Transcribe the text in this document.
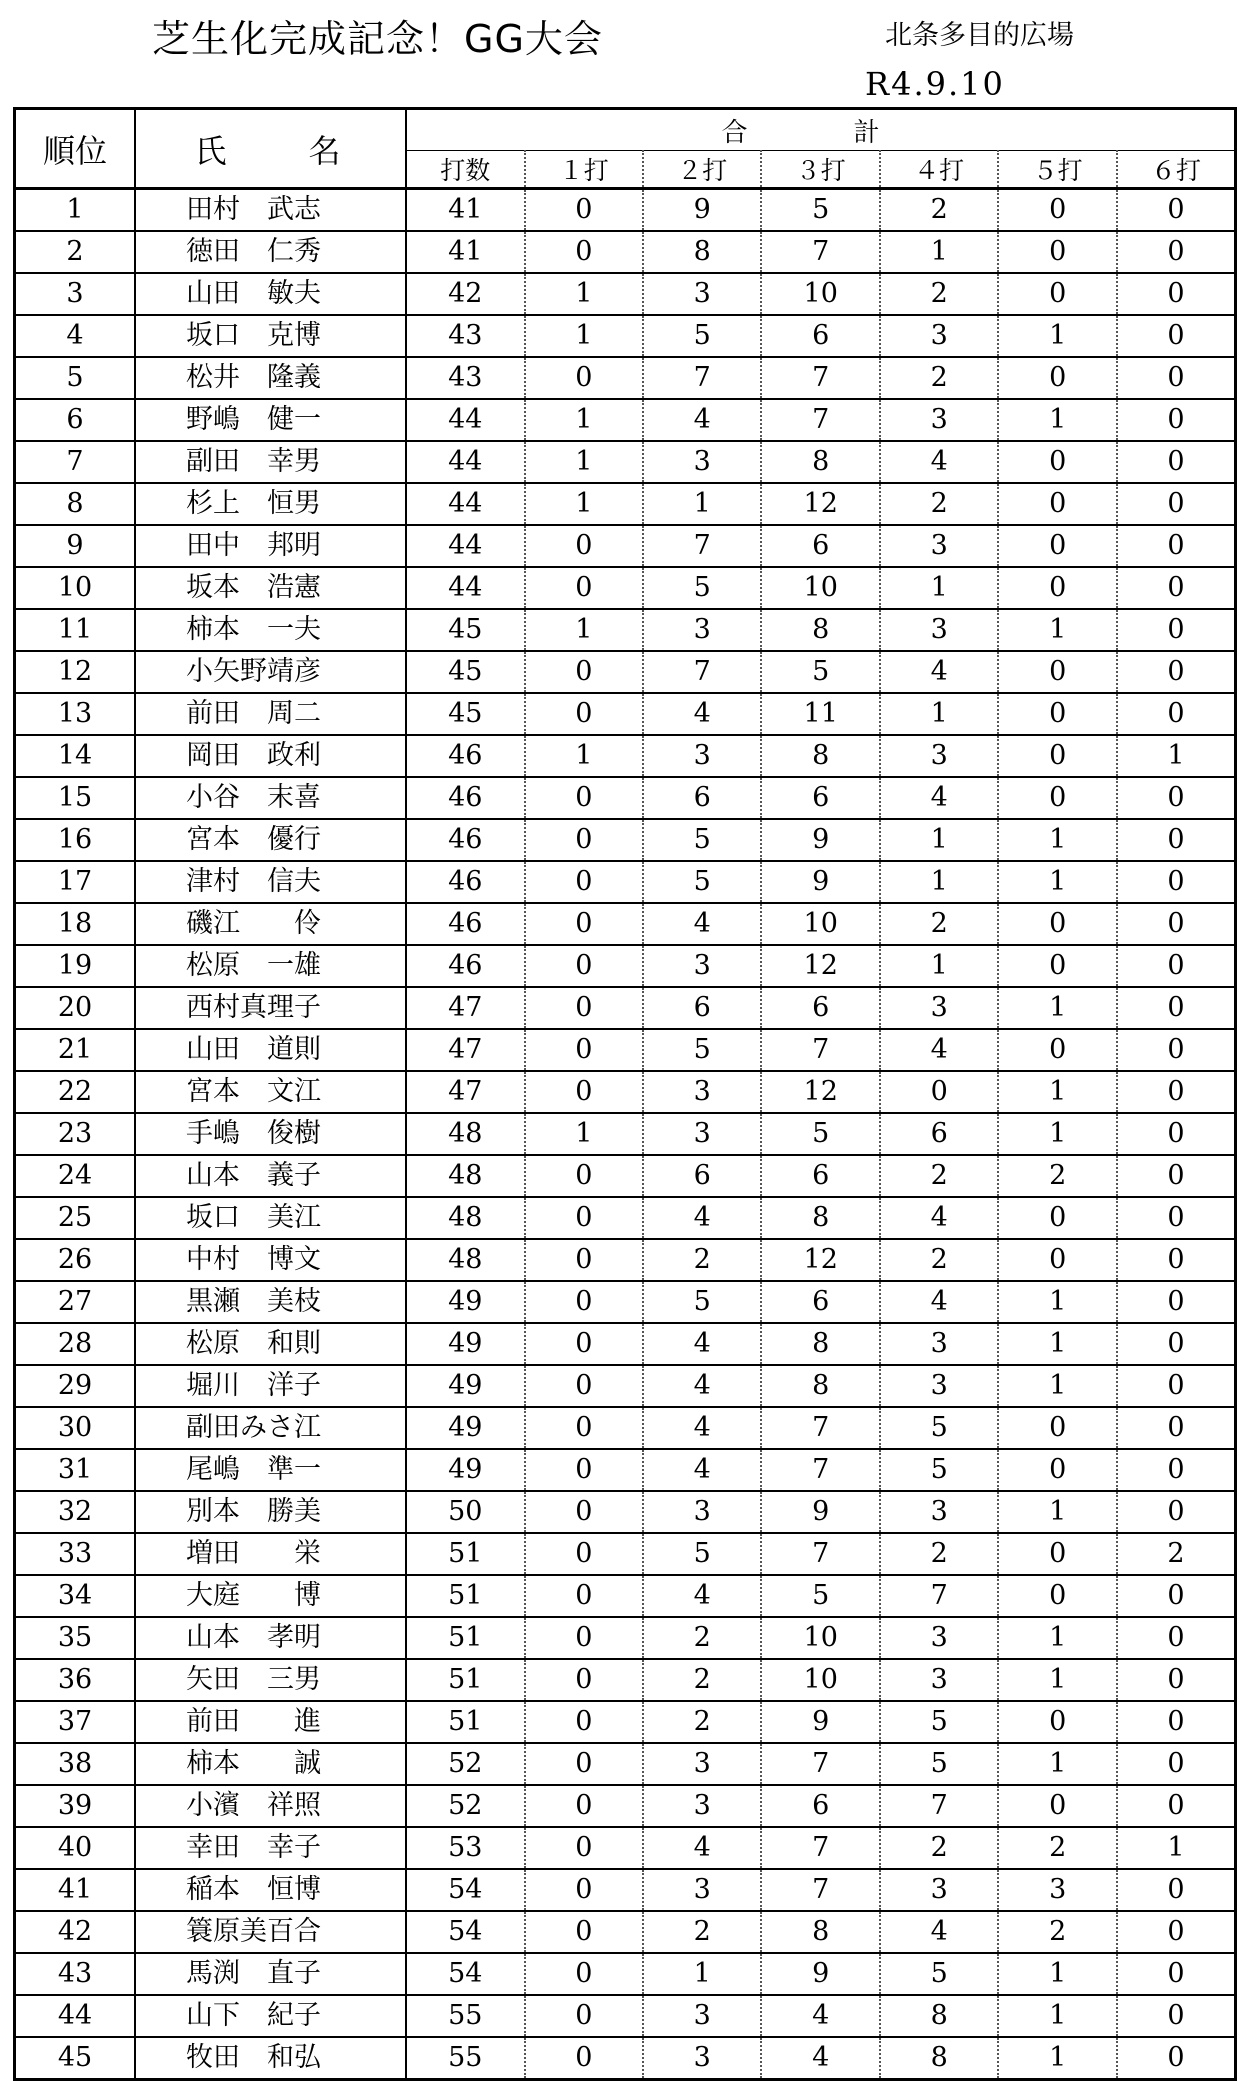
芝生化完成記念！GG大会	北条多目的広場
R4.9.10
順位	氏　　名	合　計						
		打数	１打	２打	３打	４打	５打	６打
1	田村　武志	41	0	9	5	2	0	0
2	徳田　仁秀	41	0	8	7	1	0	0
3	山田　敏夫	42	1	3	10	2	0	0
4	坂口　克博	43	1	5	6	3	1	0
5	松井　隆義	43	0	7	7	2	0	0
6	野嶋　健一	44	1	4	7	3	1	0
7	副田　幸男	44	1	3	8	4	0	0
8	杉上　恒男	44	1	1	12	2	0	0
9	田中　邦明	44	0	7	6	3	0	0
10	坂本　浩憲	44	0	5	10	1	0	0
11	柿本　一夫	45	1	3	8	3	1	0
12	小矢野靖彦	45	0	7	5	4	0	0
13	前田　周二	45	0	4	11	1	0	0
14	岡田　政利	46	1	3	8	3	0	1
15	小谷　末喜	46	0	6	6	4	0	0
16	宮本　優行	46	0	5	9	1	1	0
17	津村　信夫	46	0	5	9	1	1	0
18	磯江　　伶	46	0	4	10	2	0	0
19	松原　一雄	46	0	3	12	1	0	0
20	西村真理子	47	0	6	6	3	1	0
21	山田　道則	47	0	5	7	4	0	0
22	宮本　文江	47	0	3	12	0	1	0
23	手嶋　俊樹	48	1	3	5	6	1	0
24	山本　義子	48	0	6	6	2	2	0
25	坂口　美江	48	0	4	8	4	0	0
26	中村　博文	48	0	2	12	2	0	0
27	黒瀬　美枝	49	0	5	6	4	1	0
28	松原　和則	49	0	4	8	3	1	0
29	堀川　洋子	49	0	4	8	3	1	0
30	副田みさ江	49	0	4	7	5	0	0
31	尾嶋　準一	49	0	4	7	5	0	0
32	別本　勝美	50	0	3	9	3	1	0
33	増田　　栄	51	0	5	7	2	0	2
34	大庭　　博	51	0	4	5	7	0	0
35	山本　孝明	51	0	2	10	3	1	0
36	矢田　三男	51	0	2	10	3	1	0
37	前田　　進	51	0	2	9	5	0	0
38	柿本　　誠	52	0	3	7	5	1	0
39	小濱　祥照	52	0	3	6	7	0	0
40	幸田　幸子	53	0	4	7	2	2	1
41	稲本　恒博	54	0	3	7	3	3	0
42	簑原美百合	54	0	2	8	4	2	0
43	馬渕　直子	54	0	1	9	5	1	0
44	山下　紀子	55	0	3	4	8	1	0
45	牧田　和弘	55	0	3	4	8	1	0
